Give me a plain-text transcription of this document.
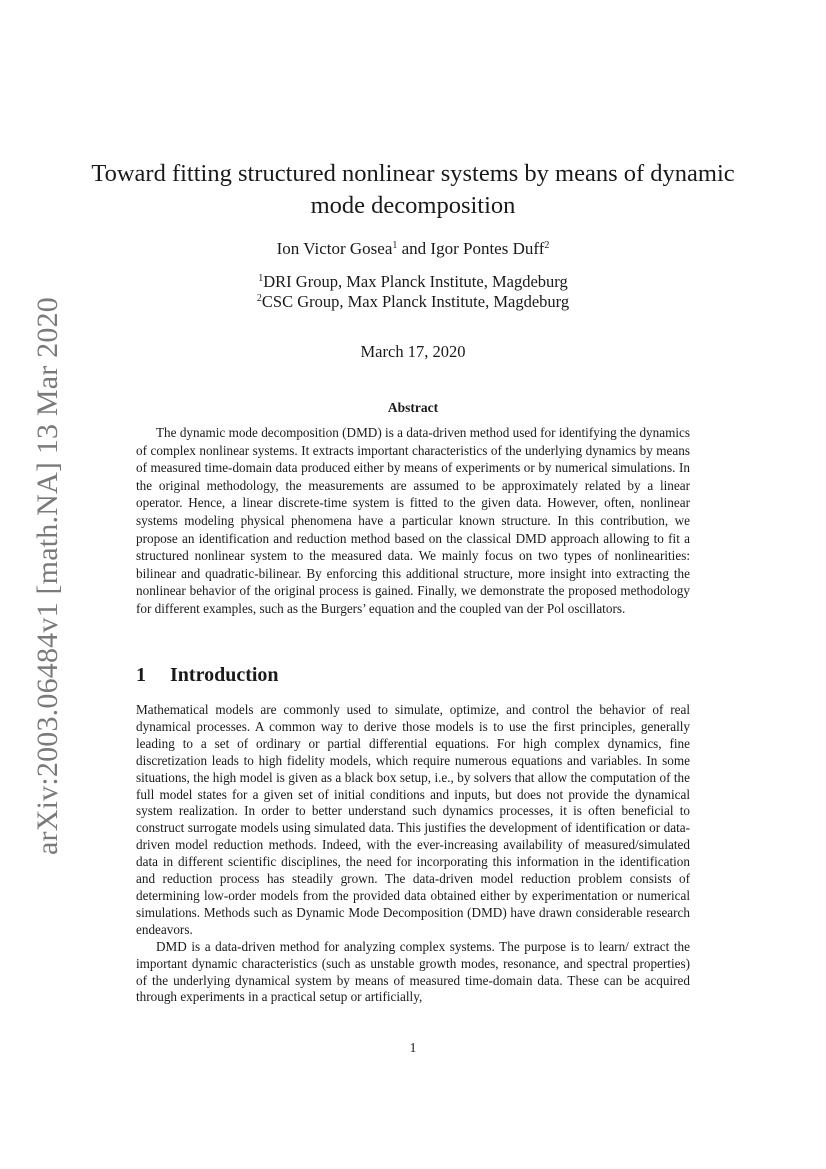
arXiv:2003.06484v1 [math.NA] 13 Mar 2020
Toward fitting structured nonlinear systems by means of dynamic mode decomposition
Ion Victor Gosea$^1$ and Igor Pontes Duff$^2$
$^1$DRI Group, Max Planck Institute, Magdeburg
$^2$CSC Group, Max Planck Institute, Magdeburg
March 17, 2020
Abstract

The dynamic mode decomposition (DMD) is a data-driven method used for identifying the dynamics of complex nonlinear systems. It extracts important characteristics of the underlying dynamics by means of measured time-domain data produced either by means of experiments or by numerical simulations. In the original methodology, the measurements are assumed to be approximately related by a linear operator. Hence, a linear discrete-time system is fitted to the given data. However, often, nonlinear systems modeling physical phenomena have a particular known structure. In this contribution, we propose an identification and reduction method based on the classical DMD approach allowing to fit a structured nonlinear system to the measured data. We mainly focus on two types of nonlinearities: bilinear and quadratic-bilinear. By enforcing this additional structure, more insight into extracting the nonlinear behavior of the original process is gained. Finally, we demonstrate the proposed methodology for different examples, such as the Burgers’ equation and the coupled van der Pol oscillators.

1 Introduction

Mathematical models are commonly used to simulate, optimize, and control the behavior of real dynamical processes. A common way to derive those models is to use the first principles, generally leading to a set of ordinary or partial differential equations. For high complex dynamics, fine discretization leads to high fidelity models, which require numerous equations and variables. In some situations, the high model is given as a black box setup, i.e., by solvers that allow the computation of the full model states for a given set of initial conditions and inputs, but does not provide the dynamical system realization. In order to better understand such dynamics processes, it is often beneficial to construct surrogate models using simulated data. This justifies the development of identification or data-driven model reduction methods. Indeed, with the ever-increasing availability of measured/simulated data in different scientific disciplines, the need for incorporating this information in the identification and reduction process has steadily grown. The data-driven model reduction problem consists of determining low-order models from the provided data obtained either by experimentation or numerical simulations. Methods such as Dynamic Mode Decomposition (DMD) have drawn considerable research endeavors.

DMD is a data-driven method for analyzing complex systems. The purpose is to learn/ extract the important dynamic characteristics (such as unstable growth modes, resonance, and spectral properties) of the underlying dynamical system by means of measured time-domain data. These can be acquired through experiments in a practical setup or artificially,

1
